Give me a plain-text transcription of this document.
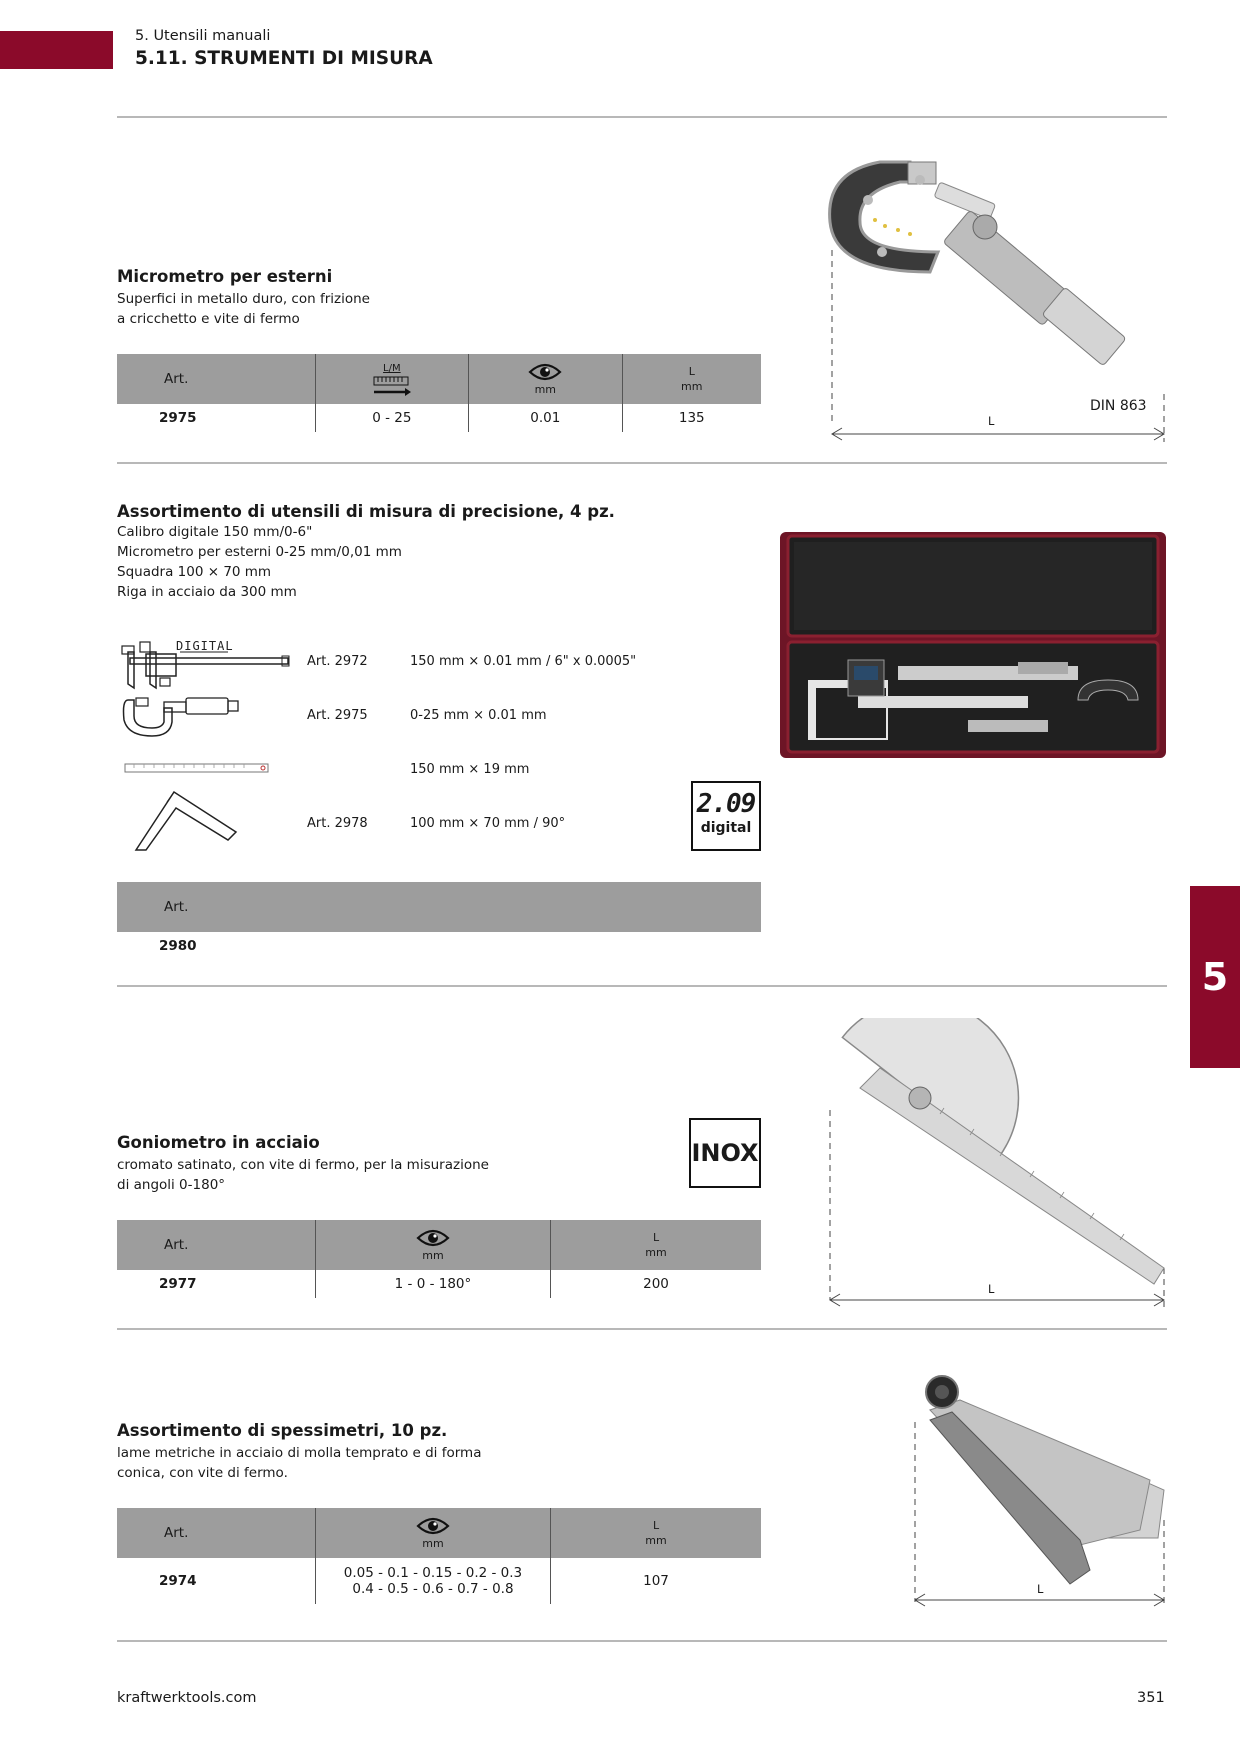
5. Utensili manuali
5.11. STRUMENTI DI MISURA
Micrometro per esterni
Superfici in metallo duro, con frizione
a cricchetto e vite di fermo
Art.	L/M	mm	L
mm

2975	0 - 25	0.01	135
DIN 863
L
Assortimento di utensili di misura di precisione, 4 pz.
Calibro digitale 150 mm/0-6"
Micrometro per esterni 0-25 mm/0,01 mm
Squadra 100 × 70 mm
Riga in acciaio da 300 mm
DIGITAL
Art. 2972	150 mm × 0.01 mm / 6" x 0.0005"
Art. 2975	0-25 mm × 0.01 mm
150 mm × 19 mm
Art. 2978	100 mm × 70 mm / 90°
2.09
digital
Art.
2980
5
Goniometro in acciaio
cromato satinato, con vite di fermo, per la misurazione
di angoli 0-180°
INOX
Art.	mm	L
mm

2977	1 - 0 - 180°	200	L
Assortimento di spessimetri, 10 pz.
lame metriche in acciaio di molla temprato e di forma
conica, con vite di fermo.
Art.	mm	L
mm

2974	0.05 - 0.1 - 0.15 - 0.2 - 0.3
0.4 - 0.5 - 0.6 - 0.7 - 0.8	107	L
kraftwerktools.com	351
